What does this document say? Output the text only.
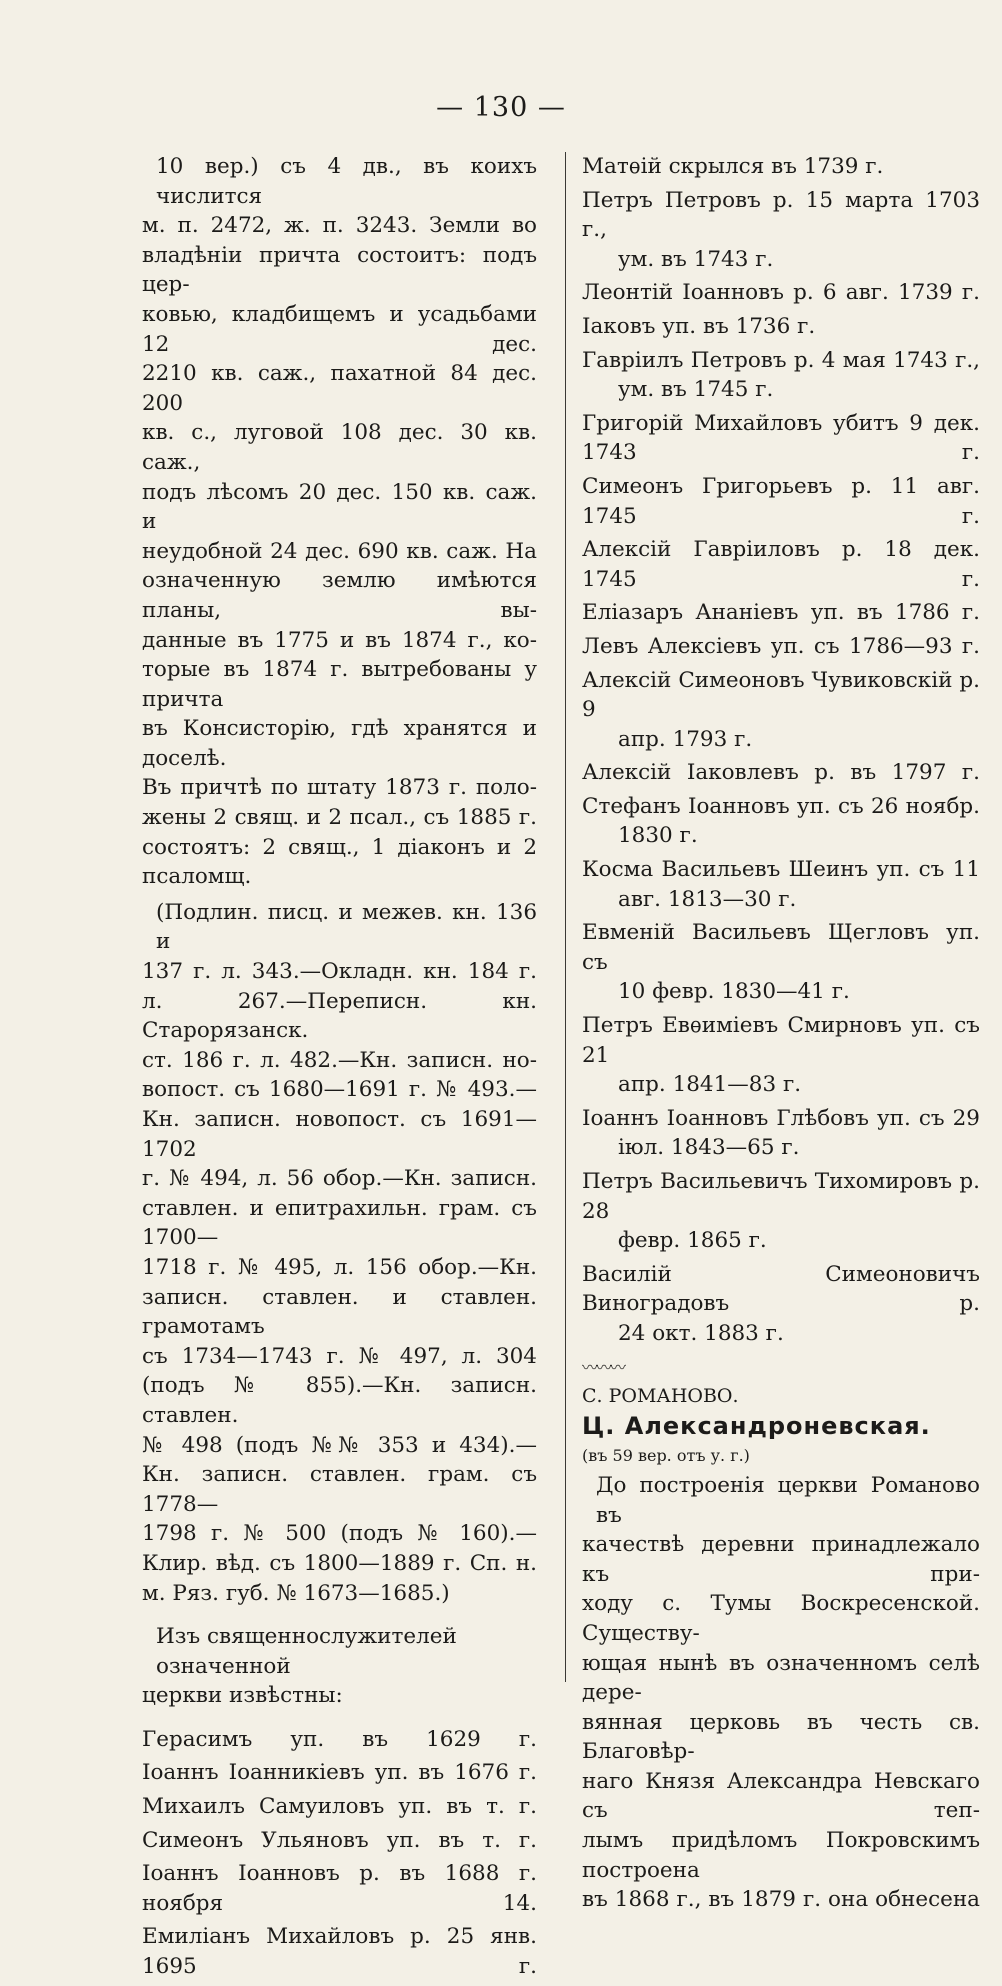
— 130 —
10 вер.) съ 4 дв., въ коихъ числится
м. п. 2472, ж. п. 3243. Земли во
владѣніи причта состоитъ: подъ цер-
ковью, кладбищемъ и усадьбами 12 дес.
2210 кв. саж., пахатной 84 дес. 200
кв. с., луговой 108 дес. 30 кв. саж.,
подъ лѣсомъ 20 дес. 150 кв. саж. и
неудобной 24 дес. 690 кв. саж. На
означенную землю имѣются планы, вы-
данные въ 1775 и въ 1874 г., ко-
торые въ 1874 г. вытребованы у причта
въ Консисторію, гдѣ хранятся и доселѣ.
Въ причтѣ по штату 1873 г. поло-
жены 2 свящ. и 2 псал., съ 1885 г.
состоятъ: 2 свящ., 1 діаконъ и 2
псаломщ.
(Подлин. писц. и межев. кн. 136 и
137 г. л. 343.—Окладн. кн. 184 г.
л. 267.—Переписн. кн. Старорязанск.
ст. 186 г. л. 482.—Кн. записн. но-
вопост. съ 1680—1691 г. № 493.—
Кн. записн. новопост. съ 1691—1702
г. № 494, л. 56 обор.—Кн. записн.
ставлен. и епитрахильн. грам. съ 1700—
1718 г. № 495, л. 156 обор.—Кн.
записн. ставлен. и ставлен. грамотамъ
съ 1734—1743 г. № 497, л. 304
(подъ № 855).—Кн. записн. ставлен.
№ 498 (подъ №№ 353 и 434).—
Кн. записн. ставлен. грам. съ 1778—
1798 г. № 500 (подъ № 160).—
Клир. вѣд. съ 1800—1889 г. Сп. н.
м. Ряз. губ. № 1673—1685.)

Изъ священнослужителей означенной

церкви извѣстны:

Герасимъ уп. въ 1629 г.
Іоаннъ Іоанникіевъ уп. въ 1676 г.
Михаилъ Самуиловъ уп. въ т. г.
Симеонъ Ульяновъ уп. въ т. г.
Іоаннъ Іоанновъ р. въ 1688 г. ноября 14.
Емиліанъ Михайловъ р. 25 янв. 1695 г.
Матѳій скрылся въ 1739 г.
Петръ Петровъ р. 15 марта 1703 г.,
ум. въ 1743 г.
Леонтій Іоанновъ р. 6 авг. 1739 г.
Іаковъ уп. въ 1736 г.
Гавріилъ Петровъ р. 4 мая 1743 г.,
ум. въ 1745 г.
Григорій Михайловъ убитъ 9 дек. 1743 г.
Симеонъ Григорьевъ р. 11 авг. 1745 г.
Алексій Гавріиловъ р. 18 дек. 1745 г.
Еліазаръ Ананіевъ уп. въ 1786 г.
Левъ Алексіевъ уп. съ 1786—93 г.
Алексій Симеоновъ Чувиковскій р. 9
апр. 1793 г.
Алексій Іаковлевъ р. въ 1797 г.
Стефанъ Іоанновъ уп. съ 26 ноябр.
1830 г.
Косма Васильевъ Шеинъ уп. съ 11
авг. 1813—30 г.
Евменій Васильевъ Щегловъ уп. съ
10 февр. 1830—41 г.
Петръ Евѳиміевъ Смирновъ уп. съ 21
апр. 1841—83 г.
Іоаннъ Іоанновъ Глѣбовъ уп. съ 29
іюл. 1843—65 г.
Петръ Васильевичъ Тихомировъ р. 28
февр. 1865 г.
Василій Симеоновичъ Виноградовъ р.
24 окт. 1883 г.

〰〰〰

С. РОМАНОВО.

Ц. Александроневская.

(въ 59 вер. отъ у. г.)

До построенія церкви Романово въ
качествѣ деревни принадлежало къ при-
ходу с. Тумы Воскресенской. Существу-
ющая нынѣ въ означенномъ селѣ дере-
вянная церковь въ честь св. Благовѣр-
наго Князя Александра Невскаго съ теп-
лымъ придѣломъ Покровскимъ построена
въ 1868 г., въ 1879 г. она обнесена
